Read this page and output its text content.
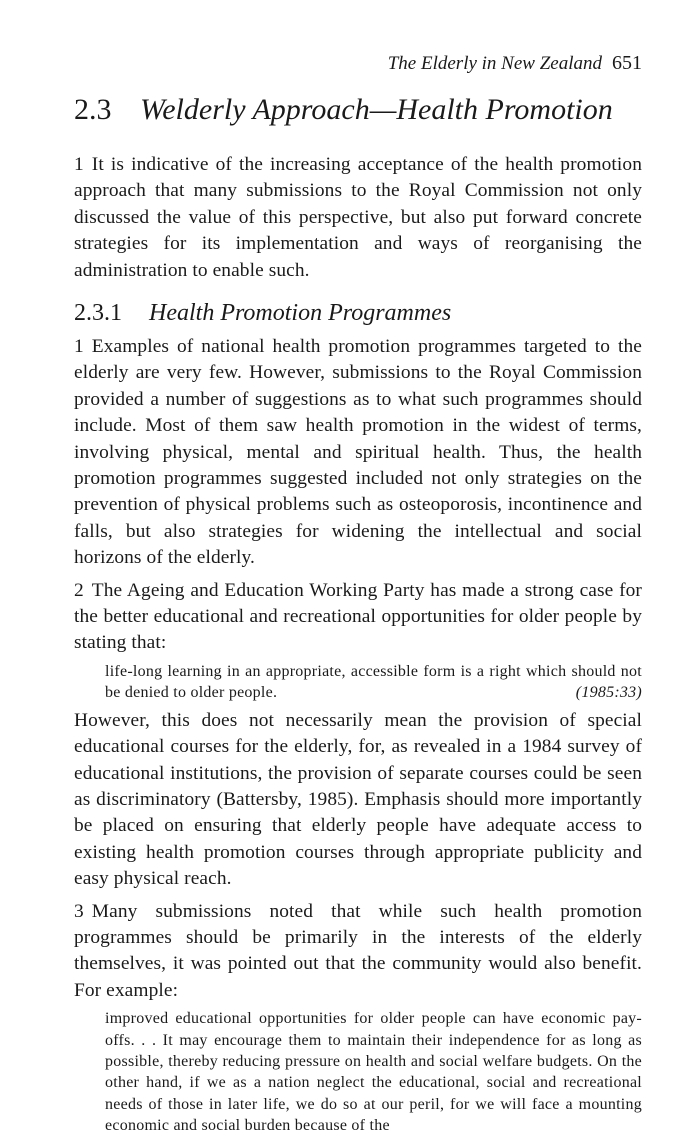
The Elderly in New Zealand 651
2.3 Welderly Approach—Health Promotion

1 It is indicative of the increasing acceptance of the health promotion approach that many submissions to the Royal Commission not only discussed the value of this perspective, but also put forward concrete strategies for its implementation and ways of reorganising the administration to enable such.

2.3.1 Health Promotion Programmes

1 Examples of national health promotion programmes targeted to the elderly are very few. However, submissions to the Royal Commission provided a number of suggestions as to what such programmes should include. Most of them saw health promotion in the widest of terms, involving physical, mental and spiritual health. Thus, the health promotion programmes suggested included not only strategies on the prevention of physical problems such as osteoporosis, incontinence and falls, but also strategies for widening the intellectual and social horizons of the elderly.

2 The Ageing and Education Working Party has made a strong case for the better educational and recreational opportunities for older people by stating that:

life-long learning in an appropriate, accessible form is a right which should not be denied to older people.	(1985:33)

However, this does not necessarily mean the provision of special educational courses for the elderly, for, as revealed in a 1984 survey of educational institutions, the provision of separate courses could be seen as discriminatory (Battersby, 1985). Emphasis should more importantly be placed on ensuring that elderly people have adequate access to existing health promotion courses through appropriate publicity and easy physical reach.

3 Many submissions noted that while such health promotion programmes should be primarily in the interests of the elderly themselves, it was pointed out that the community would also benefit. For example:

improved educational opportunities for older people can have economic pay-offs. . . It may encourage them to maintain their independence for as long as possible, thereby reducing pressure on health and social welfare budgets. On the other hand, if we as a nation neglect the educational, social and recreational needs of those in later life, we do so at our peril, for we will face a mounting economic and social burden because of the
